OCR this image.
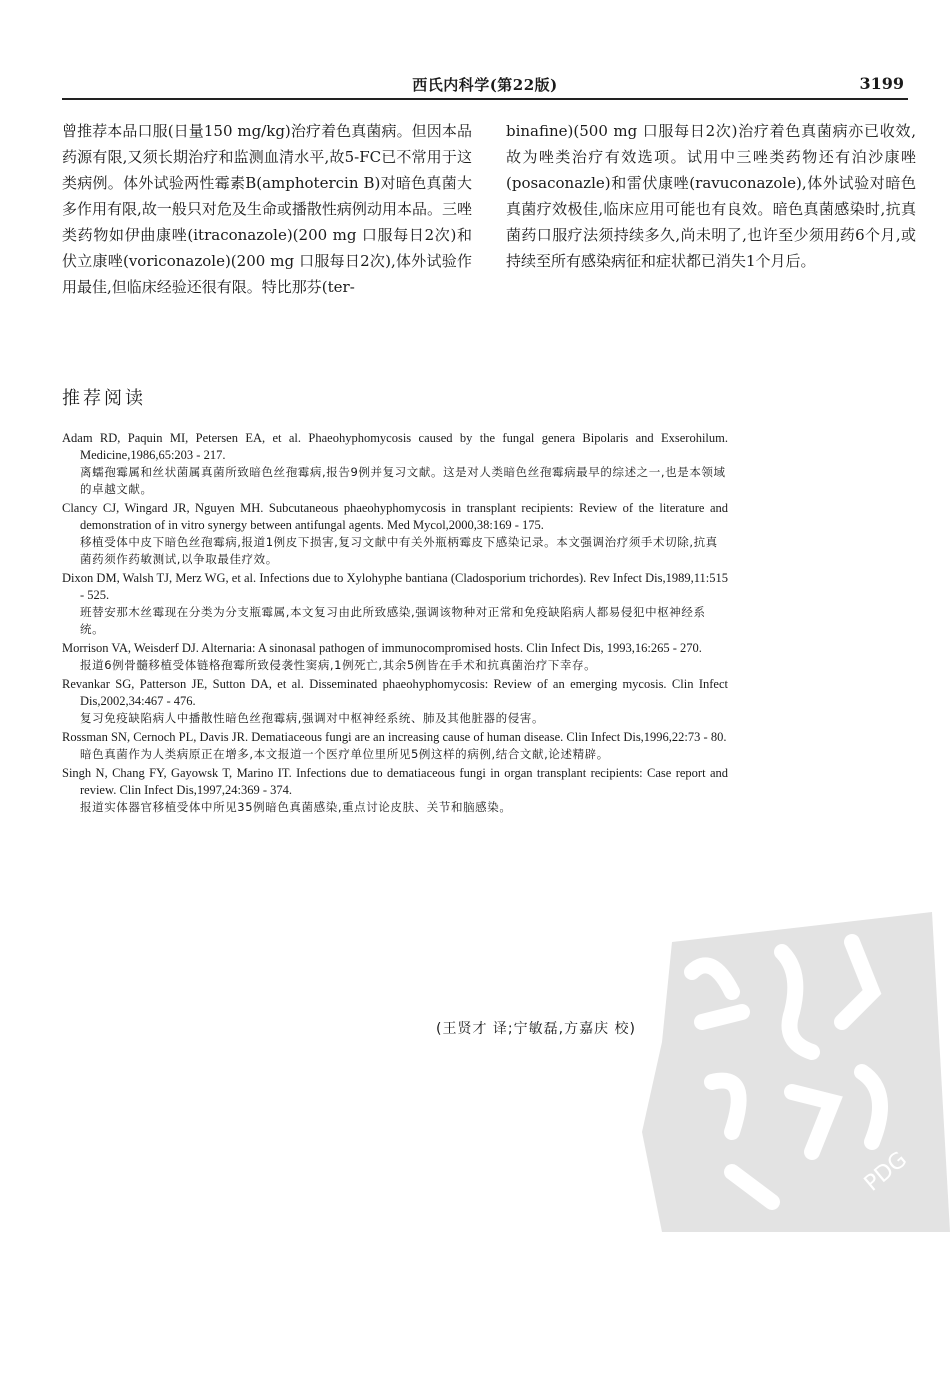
西氏内科学(第22版)	3199

曾推荐本品口服(日量150 mg/kg)治疗着色真菌病。但因本品药源有限,又须长期治疗和监测血清水平,故5-FC已不常用于这类病例。体外试验两性霉素B(amphotercin B)对暗色真菌大多作用有限,故一般只对危及生命或播散性病例动用本品。三唑类药物如伊曲康唑(itraconazole)(200 mg 口服每日2次)和伏立康唑(voriconazole)(200 mg 口服每日2次),体外试验作用最佳,但临床经验还很有限。特比那芬(ter-

binafine)(500 mg 口服每日2次)治疗着色真菌病亦已收效,故为唑类治疗有效选项。试用中三唑类药物还有泊沙康唑(posaconazle)和雷伏康唑(ravuconazole),体外试验对暗色真菌疗效极佳,临床应用可能也有良效。暗色真菌感染时,抗真菌药口服疗法须持续多久,尚未明了,也许至少须用药6个月,或持续至所有感染病征和症状都已消失1个月后。

推荐阅读
Adam RD, Paquin MI, Petersen EA, et al. Phaeohyphomycosis caused by the fungal genera Bipolaris and Exserohilum. Medicine,1986,65:203 - 217.
离蠕孢霉属和丝状菌属真菌所致暗色丝孢霉病,报告9例并复习文献。这是对人类暗色丝孢霉病最早的综述之一,也是本领域的卓越文献。
Clancy CJ, Wingard JR, Nguyen MH. Subcutaneous phaeohyphomycosis in transplant recipients: Review of the literature and demonstration of in vitro synergy between antifungal agents. Med Mycol,2000,38:169 - 175.
移植受体中皮下暗色丝孢霉病,报道1例皮下损害,复习文献中有关外瓶柄霉皮下感染记录。本文强调治疗须手术切除,抗真菌药须作药敏测试,以争取最佳疗效。
Dixon DM, Walsh TJ, Merz WG, et al. Infections due to Xylohyphe bantiana (Cladosporium trichordes). Rev Infect Dis,1989,11:515 - 525.
班替安那木丝霉现在分类为分支瓶霉属,本文复习由此所致感染,强调该物种对正常和免疫缺陷病人都易侵犯中枢神经系统。
Morrison VA, Weisderf DJ. Alternaria: A sinonasal pathogen of immunocompromised hosts. Clin Infect Dis, 1993,16:265 - 270.
报道6例骨髓移植受体链格孢霉所致侵袭性窦病,1例死亡,其余5例皆在手术和抗真菌治疗下幸存。
Revankar SG, Patterson JE, Sutton DA, et al. Disseminated phaeohyphomycosis: Review of an emerging mycosis. Clin Infect Dis,2002,34:467 - 476.
复习免疫缺陷病人中播散性暗色丝孢霉病,强调对中枢神经系统、肺及其他脏器的侵害。
Rossman SN, Cernoch PL, Davis JR. Dematiaceous fungi are an increasing cause of human disease. Clin Infect Dis,1996,22:73 - 80.
暗色真菌作为人类病原正在增多,本文报道一个医疗单位里所见5例这样的病例,结合文献,论述精辟。
Singh N, Chang FY, Gayowsk T, Marino IT. Infections due to dematiaceous fungi in organ transplant recipients: Case report and review. Clin Infect Dis,1997,24:369 - 374.
报道实体器官移植受体中所见35例暗色真菌感染,重点讨论皮肤、关节和脑感染。
(王贤才 译;宁敏磊,方嘉庆 校)
PDG
